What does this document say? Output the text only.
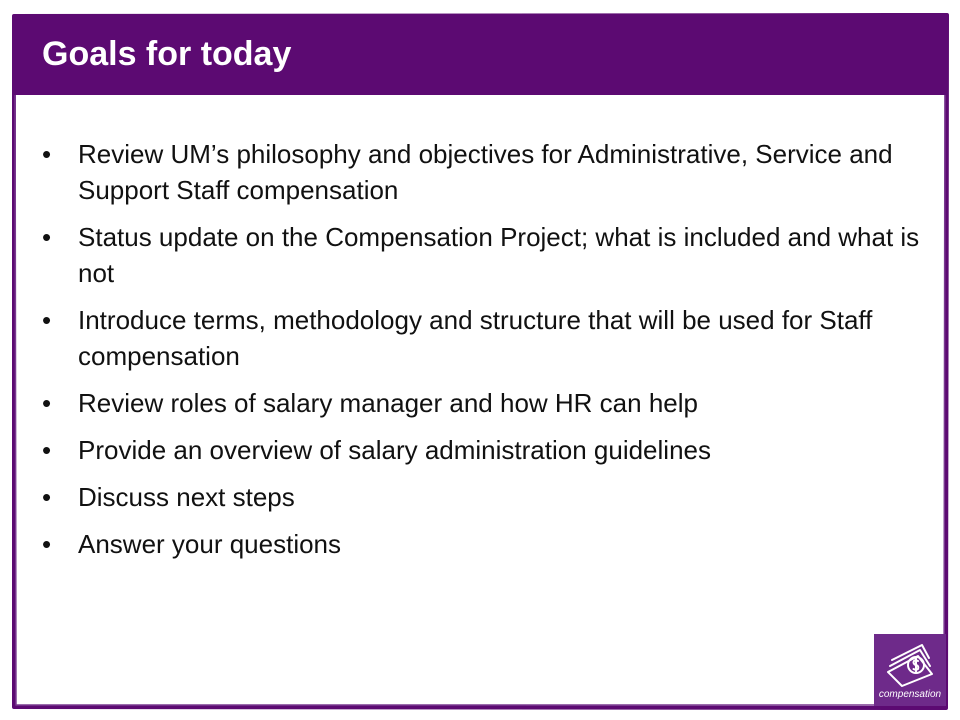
Goals for today
•	Review UM’s philosophy and objectives for Administrative, Service and Support Staff compensation
•	Status update on the Compensation Project; what is included and what is not
•	Introduce terms, methodology and structure that will be used for Staff compensation
•	Review roles of salary manager and how HR can help
•	Provide an overview of salary administration guidelines
•	Discuss next steps
•	Answer your questions
compensation
